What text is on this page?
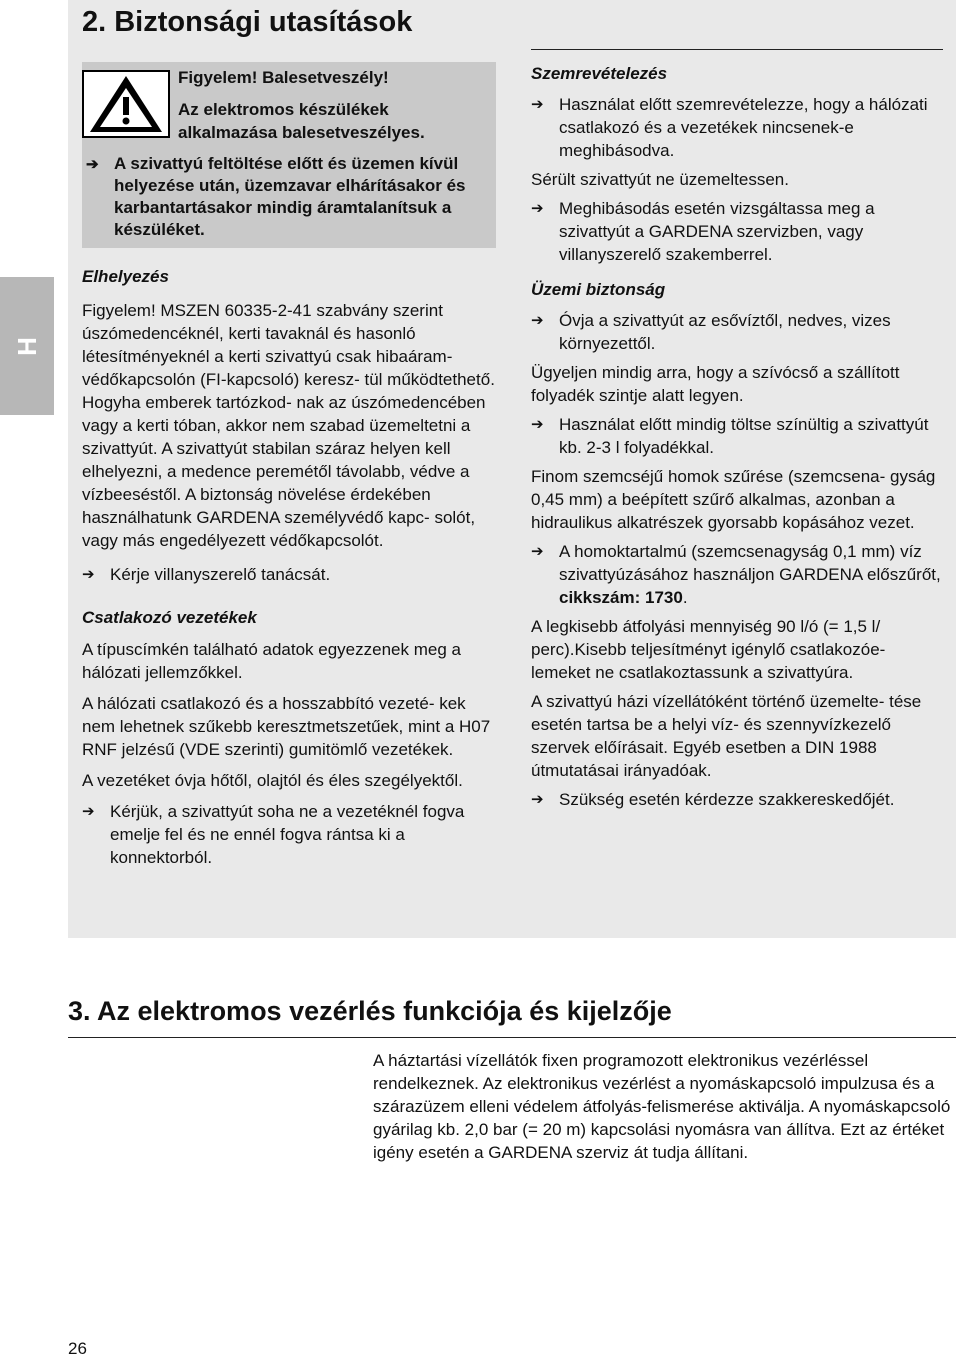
H
2. Biztonsági utasítások
Figyelem! Balesetveszély!
Az elektromos készülékek alkalmazása balesetveszélyes.
➔ A szivattyú feltöltése előtt és üzemen kívül helyezése után, üzemzavar elhárításakor és karbantartásakor mindig áramtalanítsuk a készüléket.

Elhelyezés

Figyelem! MSZEN 60335-2-41 szabvány szerint úszómedencéknél, kerti tavaknál és hasonló létesítményeknél a kerti szivattyú csak hibaáram-védőkapcsolón (FI-kapcsoló) keresz- tül működtethető. Hogyha emberek tartózkod- nak az úszómedencében vagy a kerti tóban, akkor nem szabad üzemeltetni a szivattyút. A szivattyút stabilan száraz helyen kell elhelyezni, a medence peremétől távolabb, védve a vízbeeséstől. A biztonság növelése érdekében használhatunk GARDENA személyvédő kapc- solót, vagy más engedélyezett védőkapcsolót.

➔ Kérje villanyszerelő tanácsát.

Csatlakozó vezetékek

A típuscímkén található adatok egyezzenek meg a hálózati jellemzőkkel.

A hálózati csatlakozó és a hosszabbító vezeté- kek nem lehetnek szűkebb keresztmetszetűek, mint a H07 RNF jelzésű (VDE szerinti) gumitömlő vezetékek.

A vezetéket óvja hőtől, olajtól és éles szegélyektől.

➔ Kérjük, a szivattyút soha ne a vezetéknél fogva emelje fel és ne ennél fogva rántsa ki a konnektorból.

Szemrevételezés

➔ Használat előtt szemrevételezze, hogy a hálózati csatlakozó és a vezetékek nincsenek-e meghibásodva.

Sérült szivattyút ne üzemeltessen.

➔ Meghibásodás esetén vizsgáltassa meg a szivattyút a GARDENA szervizben, vagy villanyszerelő szakemberrel.

Üzemi biztonság

➔ Óvja a szivattyút az esővíztől, nedves, vizes környezettől.

Ügyeljen mindig arra, hogy a szívócső a szállított folyadék szintje alatt legyen.

➔ Használat előtt mindig töltse színültig a szivattyút kb. 2-3 l folyadékkal.

Finom szemcséjű homok szűrése (szemcsena- gyság 0,45 mm) a beépített szűrő alkalmas, azonban a hidraulikus alkatrészek gyorsabb kopásához vezet.

➔ A homoktartalmú (szemcsenagyság 0,1 mm) víz szivattyúzásához használjon GARDENA előszűrőt, cikkszám: 1730.

A legkisebb átfolyási mennyiség 90 l/ó (= 1,5 l/ perc).Kisebb teljesítményt igénylő csatlakozóe- lemeket ne csatlakoztassunk a szivattyúra.

A szivattyú házi vízellátóként történő üzemelte- tése esetén tartsa be a helyi víz- és szennyvízkezelő szervek előírásait. Egyéb esetben a DIN 1988 útmutatásai irányadóak.

➔ Szükség esetén kérdezze szakkereskedőjét.
3. Az elektromos vezérlés funkciója és kijelzője

A háztartási vízellátók fixen programozott elektronikus vezérléssel rendelkeznek. Az elektronikus vezérlést a nyomáskapcsoló impulzusa és a szárazüzem elleni védelem átfolyás-felismerése aktiválja. A nyomáskapcsoló gyárilag kb. 2,0 bar (= 20 m) kapcsolási nyomásra van állítva. Ezt az értéket igény esetén a GARDENA szerviz át tudja állítani.

26
